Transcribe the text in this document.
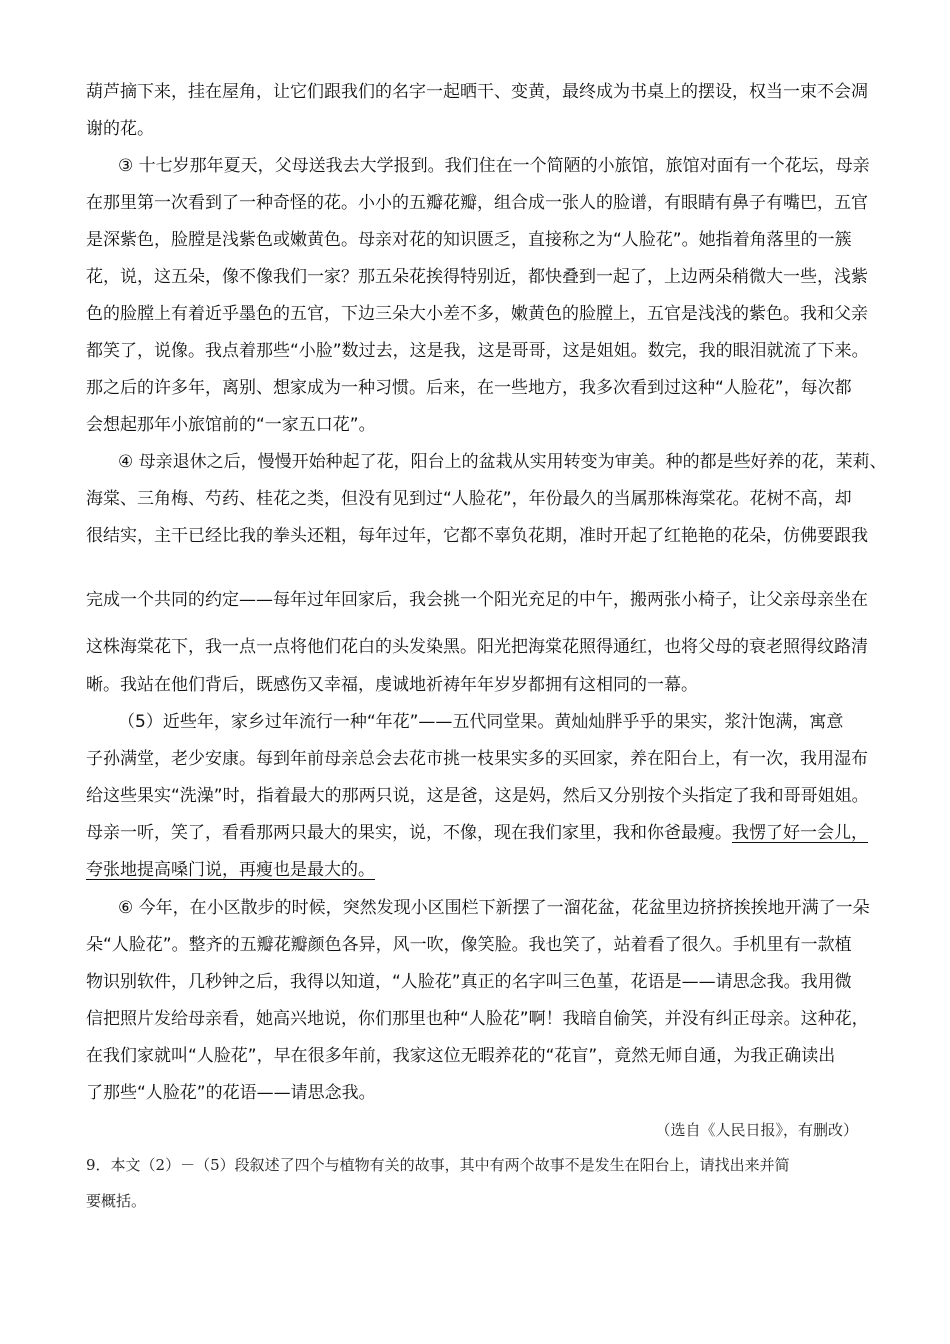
葫芦摘下来，挂在屋角，让它们跟我们的名字一起晒干、变黄，最终成为书桌上的摆设，权当一束不会凋
谢的花。
③ 十七岁那年夏天，父母送我去大学报到。我们住在一个简陋的小旅馆，旅馆对面有一个花坛，母亲
在那里第一次看到了一种奇怪的花。小小的五瓣花瓣，组合成一张人的脸谱，有眼睛有鼻子有嘴巴，五官
是深紫色，脸膛是浅紫色或嫩黄色。母亲对花的知识匮乏，直接称之为“人脸花”。她指着角落里的一簇
花，说，这五朵，像不像我们一家？那五朵花挨得特别近，都快叠到一起了，上边两朵稍微大一些，浅紫
色的脸膛上有着近乎墨色的五官，下边三朵大小差不多，嫩黄色的脸膛上，五官是浅浅的紫色。我和父亲
都笑了，说像。我点着那些“小脸”数过去，这是我，这是哥哥，这是姐姐。数完，我的眼泪就流了下来。
那之后的许多年，离别、想家成为一种习惯。后来，在一些地方，我多次看到过这种“人脸花”，每次都
会想起那年小旅馆前的“一家五口花”。
④ 母亲退休之后，慢慢开始种起了花，阳台上的盆栽从实用转变为审美。种的都是些好养的花，茉莉、
海棠、三角梅、芍药、桂花之类，但没有见到过“人脸花”，年份最久的当属那株海棠花。花树不高，却
很结实，主干已经比我的拳头还粗，每年过年，它都不辜负花期，准时开起了红艳艳的花朵，仿佛要跟我
完成一个共同的约定——每年过年回家后，我会挑一个阳光充足的中午，搬两张小椅子，让父亲母亲坐在
这株海棠花下，我一点一点将他们花白的头发染黑。阳光把海棠花照得通红，也将父母的衰老照得纹路清
晰。我站在他们背后，既感伤又幸福，虔诚地祈祷年年岁岁都拥有这相同的一幕。
（5）近些年，家乡过年流行一种“年花”——五代同堂果。黄灿灿胖乎乎的果实，浆汁饱满，寓意
子孙满堂，老少安康。每到年前母亲总会去花市挑一枝果实多的买回家，养在阳台上，有一次，我用湿布
给这些果实“洗澡”时，指着最大的那两只说，这是爸，这是妈，然后又分别按个头指定了我和哥哥姐姐。
母亲一听，笑了，看看那两只最大的果实，说，不像，现在我们家里，我和你爸最瘦。我愣了好一会儿，
夸张地提高嗓门说，再瘦也是最大的。
⑥ 今年，在小区散步的时候，突然发现小区围栏下新摆了一溜花盆，花盆里边挤挤挨挨地开满了一朵
朵“人脸花”。整齐的五瓣花瓣颜色各异，风一吹，像笑脸。我也笑了，站着看了很久。手机里有一款植
物识别软件，几秒钟之后，我得以知道，“人脸花”真正的名字叫三色堇，花语是——请思念我。我用微
信把照片发给母亲看，她高兴地说，你们那里也种“人脸花”啊！我暗自偷笑，并没有纠正母亲。这种花，
在我们家就叫“人脸花”，早在很多年前，我家这位无暇养花的“花盲”，竟然无师自通，为我正确读出
了那些“人脸花”的花语——请思念我。
（选自《人民日报》，有删改）
9．本文（2）－（5）段叙述了四个与植物有关的故事，其中有两个故事不是发生在阳台上，请找出来并简
要概括。
